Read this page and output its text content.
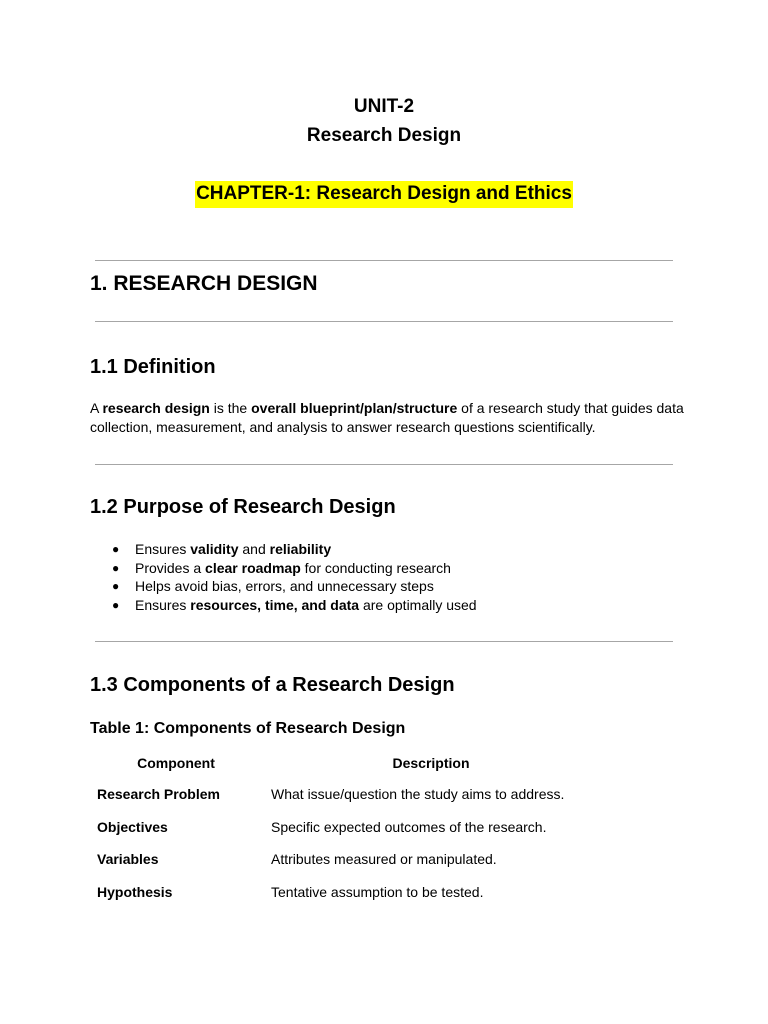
UNIT-2
Research Design
CHAPTER-1: Research Design and Ethics
1. RESEARCH DESIGN
1.1 Definition
A research design is the overall blueprint/plan/structure of a research study that guides data collection, measurement, and analysis to answer research questions scientifically.
1.2 Purpose of Research Design
● Ensures validity and reliability
● Provides a clear roadmap for conducting research
● Helps avoid bias, errors, and unnecessary steps
● Ensures resources, time, and data are optimally used
1.3 Components of a Research Design
Table 1: Components of Research Design
Component	Description
Research Problem	What issue/question the study aims to address.
Objectives	Specific expected outcomes of the research.
Variables	Attributes measured or manipulated.
Hypothesis	Tentative assumption to be tested.
